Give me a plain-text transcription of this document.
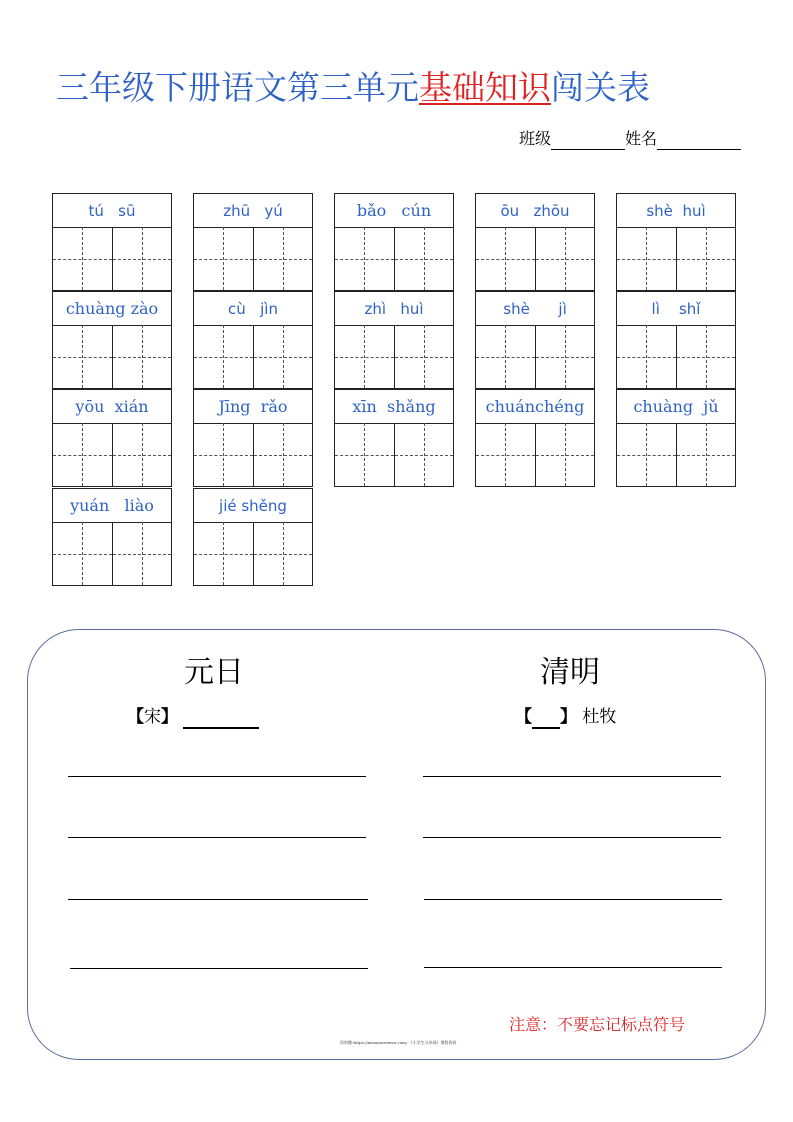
三年级下册语文第三单元基础知识闯关表
班级	姓名
tú   sū	zhū   yú	bǎo   cún	ōu   zhōu	shè  huì
chuàng zào	cù   jìn	zhì   huì	shè      jì	lì    shǐ
yōu  xián	Jīng  rǎo	xīn  shǎng	chuánchéng	chuàng  jǔ
yuán   liào	jié shěng
元日
【宋】
清明
【 】 杜牧
注意：不要忘记标点符号
资料微:https://xiaoxuerenwu.com/ 《小学生分享网》课程资料
